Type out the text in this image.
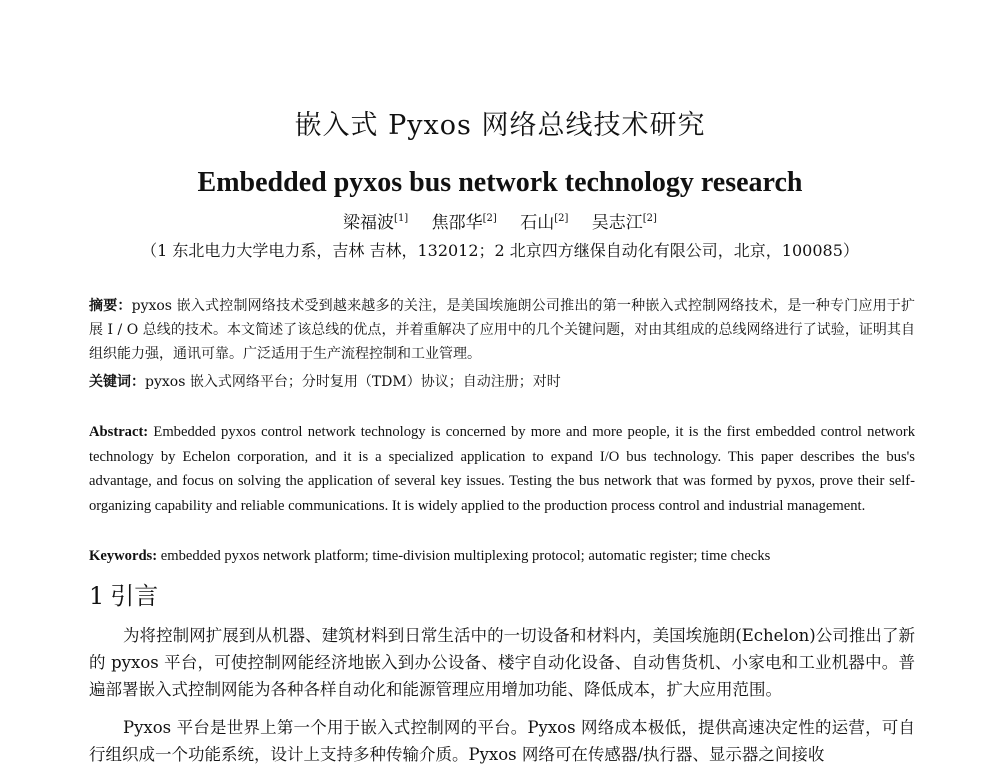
嵌入式 Pyxos 网络总线技术研究
Embedded pyxos bus network technology research
梁福波[1] 焦邵华[2] 石山[2] 吴志江[2]
（1 东北电力大学电力系，吉林 吉林，132012；2 北京四方继保自动化有限公司，北京，100085）
摘要：pyxos 嵌入式控制网络技术受到越来越多的关注，是美国埃施朗公司推出的第一种嵌入式控制网络技术，是一种专门应用于扩展 I / O 总线的技术。本文简述了该总线的优点，并着重解决了应用中的几个关键问题，对由其组成的总线网络进行了试验，证明其自组织能力强，通讯可靠。广泛适用于生产流程控制和工业管理。
关键词：pyxos 嵌入式网络平台；分时复用（TDM）协议；自动注册；对时
Abstract: Embedded pyxos control network technology is concerned by more and more people, it is the first embedded control network technology by Echelon corporation, and it is a specialized application to expand I/O bus technology. This paper describes the bus's advantage, and focus on solving the application of several key issues. Testing the bus network that was formed by pyxos, prove their self-organizing capability and reliable communications. It is widely applied to the production process control and industrial management.
Keywords: embedded pyxos network platform; time-division multiplexing protocol; automatic register; time checks
1 引言
为将控制网扩展到从机器、建筑材料到日常生活中的一切设备和材料内，美国埃施朗(Echelon)公司推出了新的 pyxos 平台，可使控制网能经济地嵌入到办公设备、楼宇自动化设备、自动售货机、小家电和工业机器中。普遍部署嵌入式控制网能为各种各样自动化和能源管理应用增加功能、降低成本，扩大应用范围。
Pyxos 平台是世界上第一个用于嵌入式控制网的平台。Pyxos 网络成本极低，提供高速决定性的运营，可自行组织成一个功能系统，设计上支持多种传输介质。Pyxos 网络可在传感器/执行器、显示器之间接收
